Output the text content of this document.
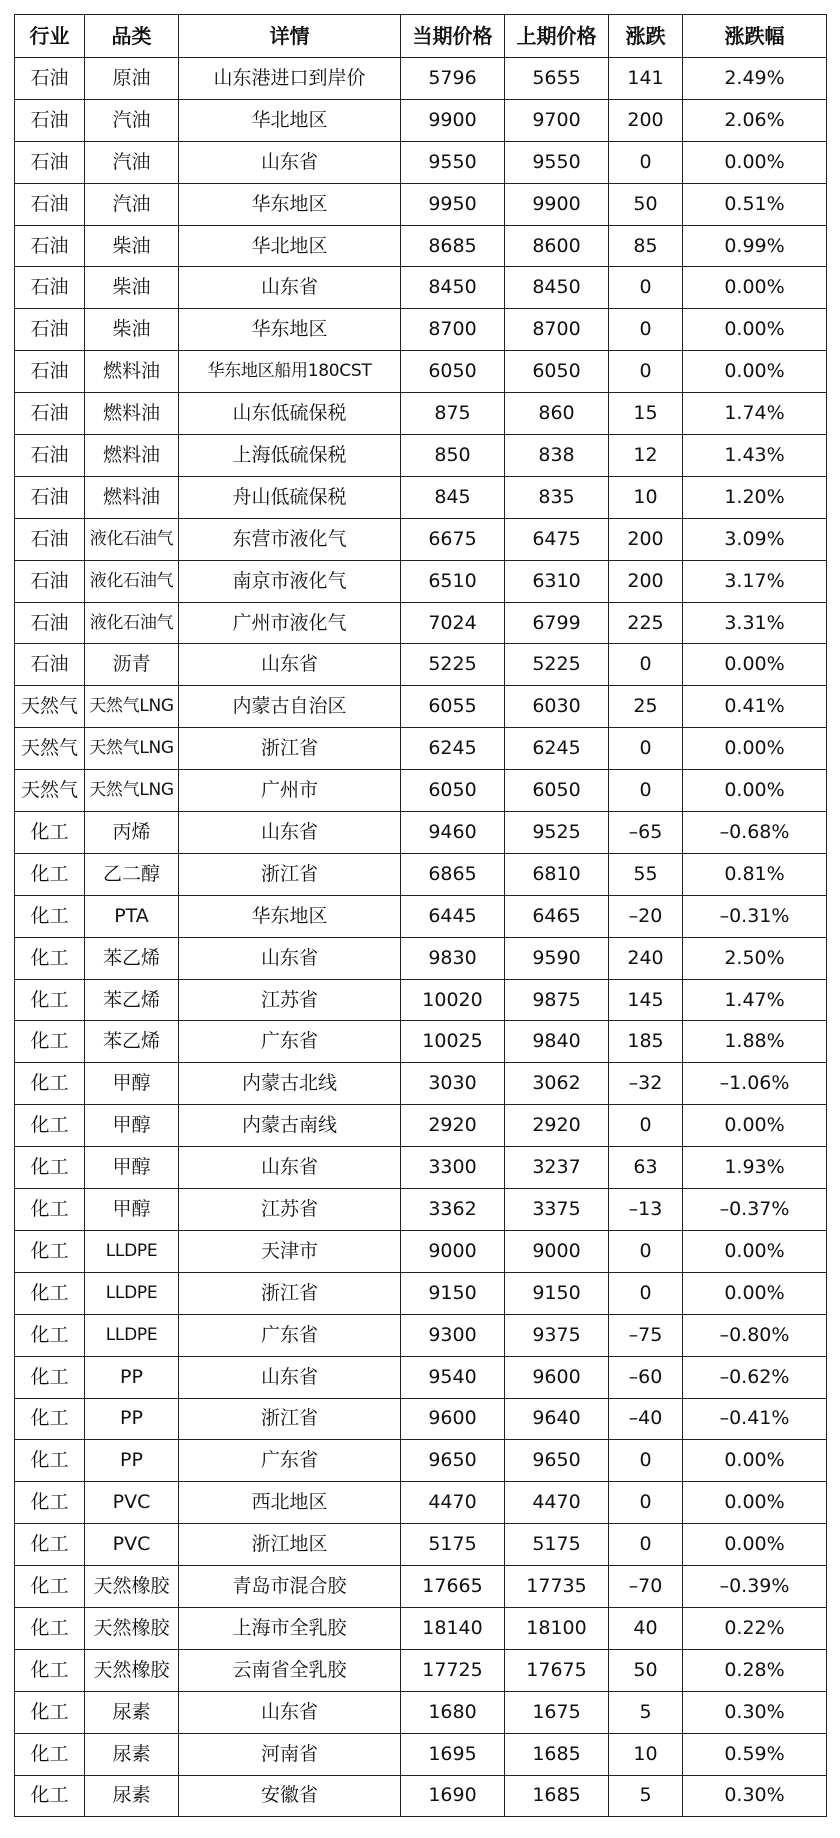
行业	品类	详情	当期价格	上期价格	涨跌	涨跌幅
石油	原油	山东港进口到岸价	5796	5655	141	2.49%
石油	汽油	华北地区	9900	9700	200	2.06%
石油	汽油	山东省	9550	9550	0	0.00%
石油	汽油	华东地区	9950	9900	50	0.51%
石油	柴油	华北地区	8685	8600	85	0.99%
石油	柴油	山东省	8450	8450	0	0.00%
石油	柴油	华东地区	8700	8700	0	0.00%
石油	燃料油	华东地区船用180CST	6050	6050	0	0.00%
石油	燃料油	山东低硫保税	875	860	15	1.74%
石油	燃料油	上海低硫保税	850	838	12	1.43%
石油	燃料油	舟山低硫保税	845	835	10	1.20%
石油	液化石油气	东营市液化气	6675	6475	200	3.09%
石油	液化石油气	南京市液化气	6510	6310	200	3.17%
石油	液化石油气	广州市液化气	7024	6799	225	3.31%
石油	沥青	山东省	5225	5225	0	0.00%
天然气	天然气LNG	内蒙古自治区	6055	6030	25	0.41%
天然气	天然气LNG	浙江省	6245	6245	0	0.00%
天然气	天然气LNG	广州市	6050	6050	0	0.00%
化工	丙烯	山东省	9460	9525	–65	–0.68%
化工	乙二醇	浙江省	6865	6810	55	0.81%
化工	PTA	华东地区	6445	6465	–20	–0.31%
化工	苯乙烯	山东省	9830	9590	240	2.50%
化工	苯乙烯	江苏省	10020	9875	145	1.47%
化工	苯乙烯	广东省	10025	9840	185	1.88%
化工	甲醇	内蒙古北线	3030	3062	–32	–1.06%
化工	甲醇	内蒙古南线	2920	2920	0	0.00%
化工	甲醇	山东省	3300	3237	63	1.93%
化工	甲醇	江苏省	3362	3375	–13	–0.37%
化工	LLDPE	天津市	9000	9000	0	0.00%
化工	LLDPE	浙江省	9150	9150	0	0.00%
化工	LLDPE	广东省	9300	9375	–75	–0.80%
化工	PP	山东省	9540	9600	–60	–0.62%
化工	PP	浙江省	9600	9640	–40	–0.41%
化工	PP	广东省	9650	9650	0	0.00%
化工	PVC	西北地区	4470	4470	0	0.00%
化工	PVC	浙江地区	5175	5175	0	0.00%
化工	天然橡胶	青岛市混合胶	17665	17735	–70	–0.39%
化工	天然橡胶	上海市全乳胶	18140	18100	40	0.22%
化工	天然橡胶	云南省全乳胶	17725	17675	50	0.28%
化工	尿素	山东省	1680	1675	5	0.30%
化工	尿素	河南省	1695	1685	10	0.59%
化工	尿素	安徽省	1690	1685	5	0.30%
